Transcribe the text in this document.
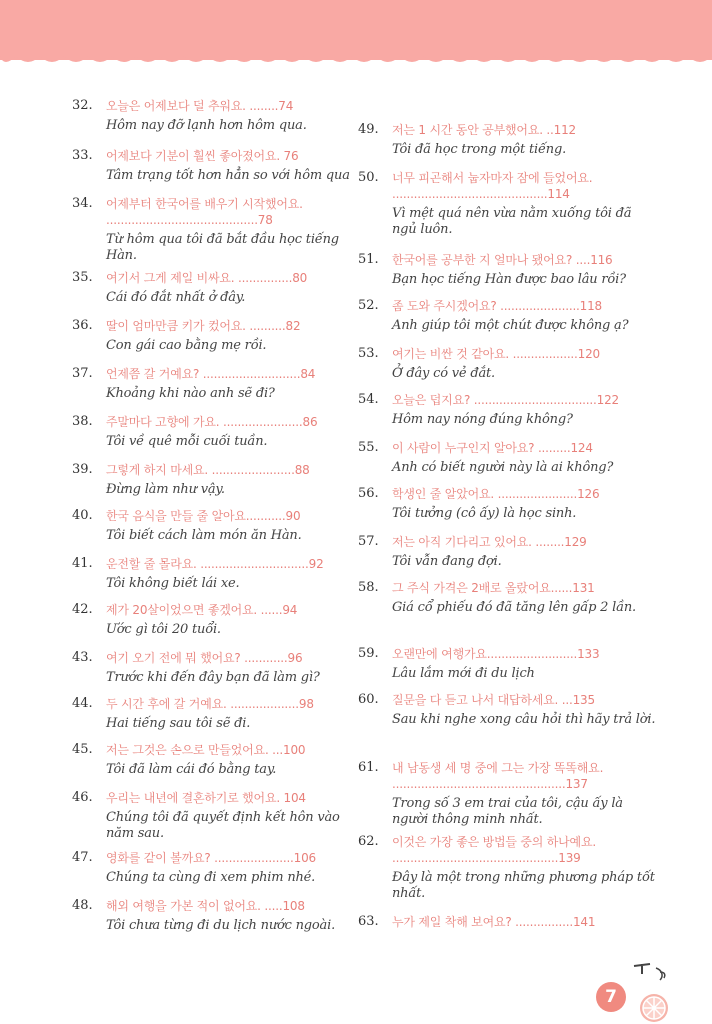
32. 오늘은 어제보다 덜 추워요. ........74
Hôm nay đỡ lạnh hơn hôm qua.
33. 어제보다 기분이 훨씬 좋아졌어요. 76
Tâm trạng tốt hơn hẳn so với hôm qua
34. 어제부터 한국어를 배우기 시작했어요. ..........................................78
Từ hôm qua tôi đã bắt đầu học tiếng Hàn.
35. 여기서 그게 제일 비싸요. ...............80
Cái đó đắt nhất ở đây.
36. 딸이 엄마만큼 키가 컸어요. ..........82
Con gái cao bằng mẹ rồi.
37. 언제쯤 갈 거예요? ...........................84
Khoảng khi nào anh sẽ đi?
38. 주말마다 고향에 가요. ......................86
Tôi về quê mỗi cuối tuần.
39. 그렇게 하지 마세요. .......................88
Đừng làm như vậy.
40. 한국 음식을 만들 줄 알아요...........90
Tôi biết cách làm món ăn Hàn.
41. 운전할 줄 몰라요. ..............................92
Tôi không biết lái xe.
42. 제가 20살이었으면 좋겠어요. ......94
Ước gì tôi 20 tuổi.
43. 여기 오기 전에 뭐 했어요? ............96
Trước khi đến đây bạn đã làm gì?
44. 두 시간 후에 갈 거예요. ...................98
Hai tiếng sau tôi sẽ đi.
45. 저는 그것은 손으로 만들었어요. ...100
Tôi đã làm cái đó bằng tay.
46. 우리는 내년에 결혼하기로 했어요. 104
Chúng tôi đã quyết định kết hôn vào năm sau.
47. 영화를 같이 볼까요? ......................106
Chúng ta cùng đi xem phim nhé.
48. 해외 여행을 가본 적이 없어요. .....108
Tôi chưa từng đi du lịch nước ngoài.
49. 저는 1 시간 동안 공부했어요. ..112
Tôi đã học trong một tiếng.
50. 너무 피곤해서 눕자마자 잠에 들었어요. ...........................................114
Vì mệt quá nên vừa nằm xuống tôi đã ngủ luôn.
51. 한국어를 공부한 지 얼마나 됐어요? ....116
Bạn học tiếng Hàn được bao lâu rồi?
52. 좀 도와 주시겠어요? ......................118
Anh giúp tôi một chút được không ạ?
53. 여기는 비싼 것 같아요. ..................120
Ở đây có vẻ đắt.
54. 오늘은 덥지요? ..................................122
Hôm nay nóng đúng không?
55. 이 사람이 누구인지 알아요? .........124
Anh có biết người này là ai không?
56. 학생인 줄 알았어요. ......................126
Tôi tưởng (cô ấy) là học sinh.
57. 저는 아직 기다리고 있어요. ........129
Tôi vẫn đang đợi.
58. 그 주식 가격은 2배로 올랐어요......131
Giá cổ phiếu đó đã tăng lên gấp 2 lần.
59. 오랜만에 여행가요.........................133
Lâu lắm mới đi du lịch
60. 질문을 다 듣고 나서 대답하세요. ...135
Sau khi nghe xong câu hỏi thì hãy trả lời.
61. 내 남동생 세 명 중에 그는 가장 똑똑해요. ................................................137
Trong số 3 em trai của tôi, cậu ấy là người thông minh nhất.
62. 이것은 가장 좋은 방법들 중의 하나예요. ..............................................139
Đây là một trong những phương pháp tốt nhất.
63. 누가 제일 착해 보여요? ................141
7
